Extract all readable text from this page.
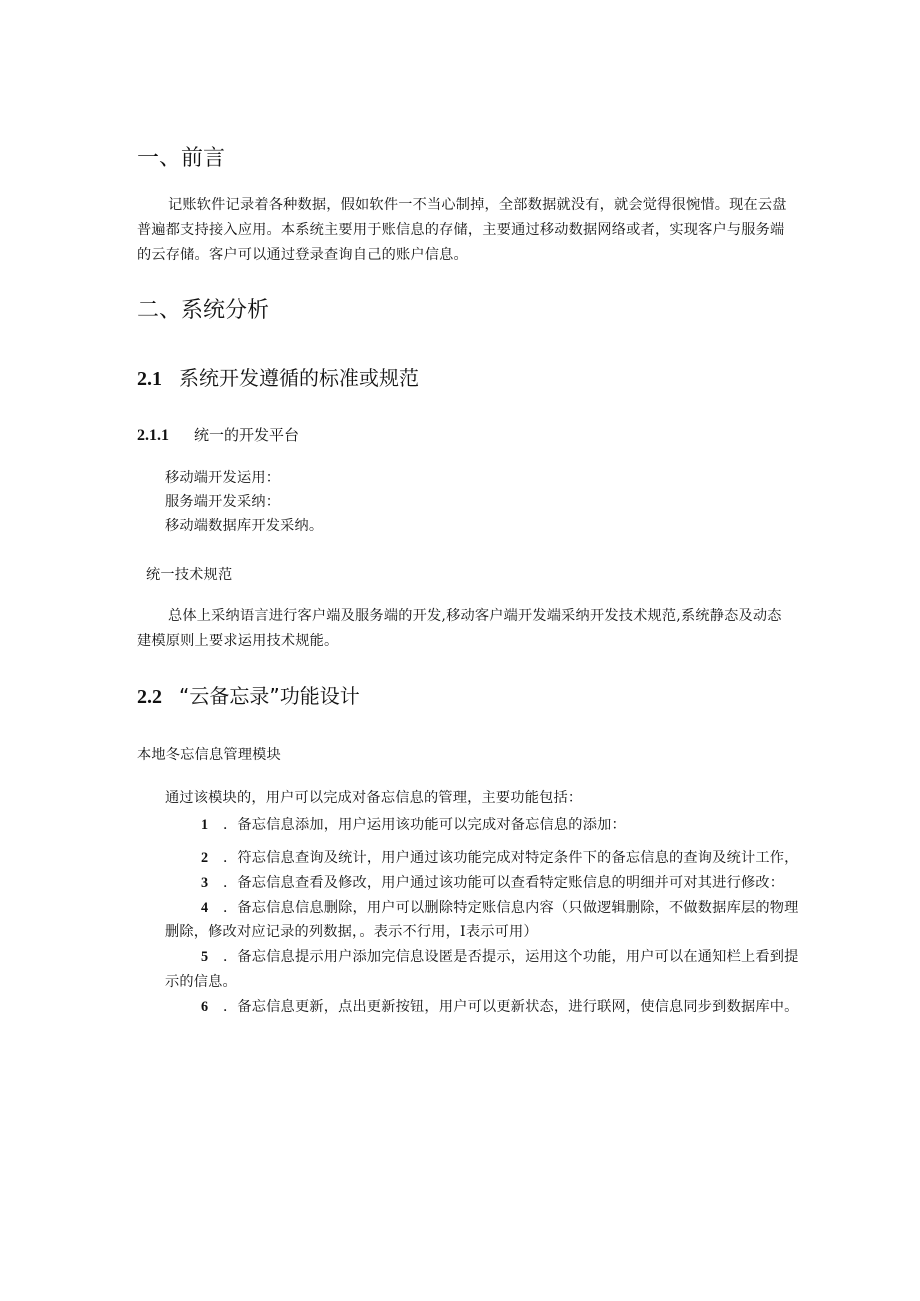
一、前言
记账软件记录着各种数据，假如软件一不当心制掉，全部数据就没有，就会觉得很惋惜。现在云盘
普遍都支持接入应用。本系统主要用于账信息的存储，主要通过移动数据网络或者，实现客户与服务端
的云存储。客户可以通过登录查询自己的账户信息。
二、系统分析
2.1 系统开发遵循的标准或规范
2.1.1 统一的开发平台
移动端开发运用：
服务端开发采纳：
移动端数据库开发采纳。
统一技术规范
总体上采纳语言进行客户端及服务端的开发,移动客户端开发端采纳开发技术规范,系统静态及动态
建模原则上要求运用技术规能。
2.2 “云备忘录”功能设计
本地冬忘信息管理模块
通过该模块的，用户可以完成对备忘信息的管理，主要功能包括：
1 ．备忘信息添加，用户运用该功能可以完成对备忘信息的添加：
2 ．符忘信息查询及统计，用户通过该功能完成对特定条件下的备忘信息的查询及统计工作，
3 ．备忘信息查看及修改，用户通过该功能可以查看特定账信息的明细并可对其进行修改：
4 ．备忘信息信息删除，用户可以删除特定账信息内容（只做逻辑删除，不做数据库层的物理
删除，修改对应记录的列数据，。表示不行用，I表示可用）
5 ．备忘信息提示用户添加完信息设匿是否提示，运用这个功能，用户可以在通知栏上看到提
示的信息。
6 ．备忘信息更新，点出更新按钮，用户可以更新状态，进行联网，使信息同步到数据库中。
